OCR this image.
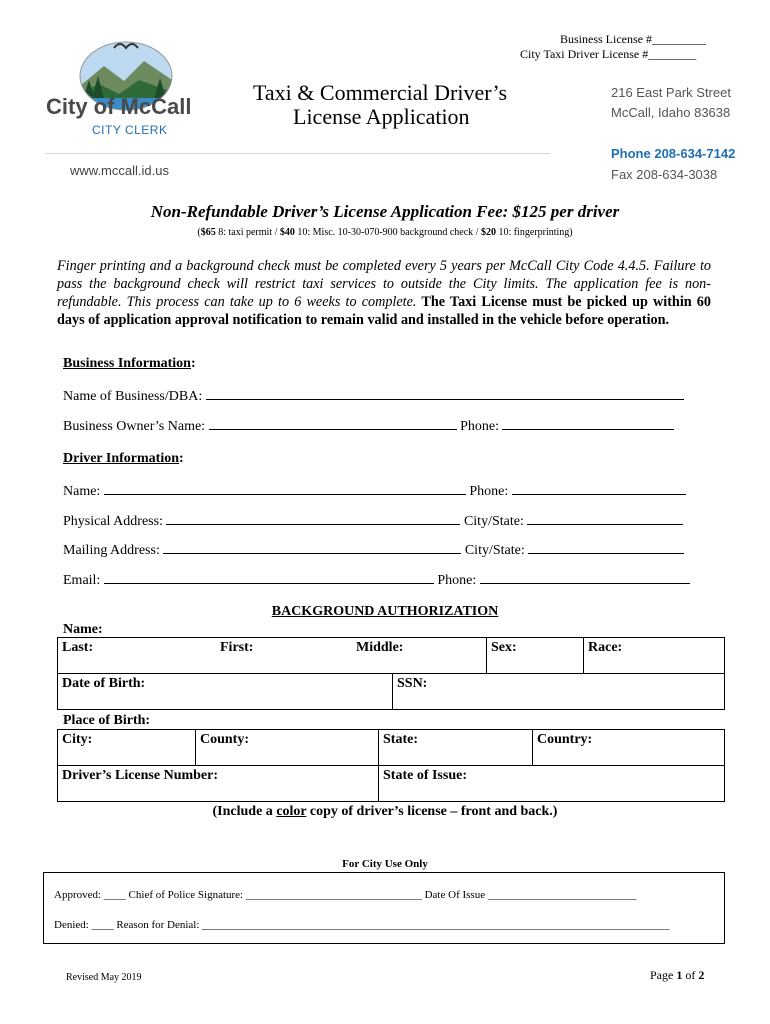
Business License #_________
City Taxi Driver License #________
City of McCall
CITY CLERK
www.mccall.id.us
Taxi & Commercial Driver’s
License Application
216 East Park Street
McCall, Idaho 83638
Phone 208-634-7142
Fax 208-634-3038
Non-Refundable Driver’s License Application Fee: $125 per driver
($65 8: taxi permit / $40 10: Misc. 10-30-070-900 background check / $20 10: fingerprinting)
Finger printing and a background check must be completed every 5 years per McCall City Code 4.4.5. Failure to pass the background check will restrict taxi services to outside the City limits. The application fee is non-refundable. This process can take up to 6 weeks to complete. The Taxi License must be picked up within 60 days of application approval notification to remain valid and installed in the vehicle before operation.
Business Information:
Name of Business/DBA:
Business Owner’s Name:	Phone:
Driver Information:
Name:	Phone:
Physical Address:	City/State:
Mailing Address:	City/State:
Email:	Phone:
BACKGROUND AUTHORIZATION
Name:
Last:	First:	Middle:	Sex:	Race:
Date of Birth:	SSN:
Place of Birth:
City:	County:	State:	Country:
Driver’s License Number:		State of Issue:	
(Include a color copy of driver’s license – front and back.)
For City Use Only
Approved: ____ Chief of Police Signature: ________________________________ Date Of Issue ___________________________
Denied: ____ Reason for Denial: _____________________________________________________________________________________
Revised May 2019	Page 1 of 2
